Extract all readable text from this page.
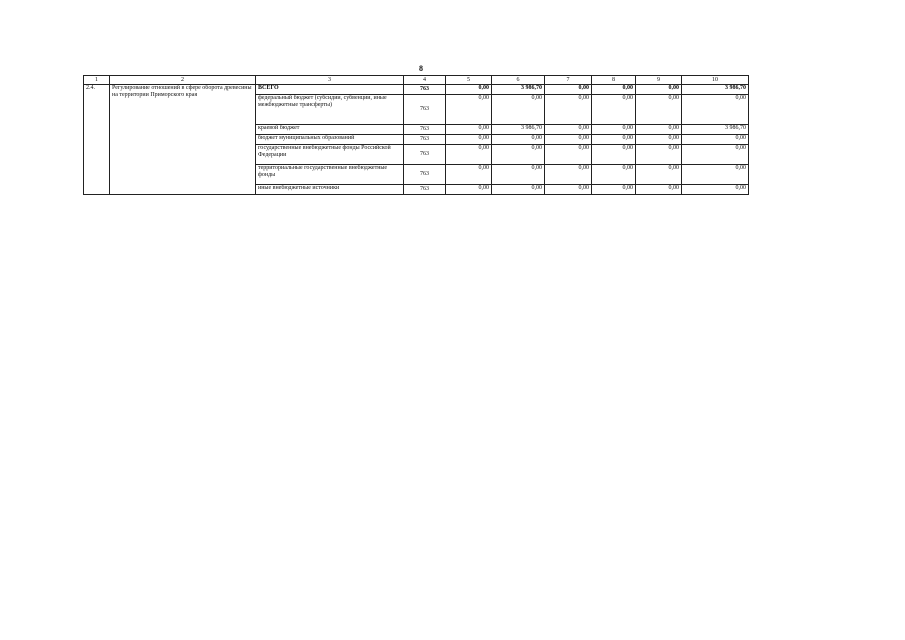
8
1	2	3	4	5	6	7	8	9	10
2.4.	Регулирование отношений в сфере оборота древесины на территории Приморского края	ВСЕГО	763	0,00	3 986,70	0,00	0,00	0,00	3 986,70
		федеральный бюджет (субсидии, субвенции, иные межбюджетные трансферты)	763	0,00	0,00	0,00	0,00	0,00	0,00
		краевой бюджет	763	0,00	3 986,70	0,00	0,00	0,00	3 986,70
		бюджет муниципальных образований	763	0,00	0,00	0,00	0,00	0,00	0,00
		государственные внебюджетные фонды Российской Федерации	763	0,00	0,00	0,00	0,00	0,00	0,00
		территориальные государственные внебюджетные фонды	763	0,00	0,00	0,00	0,00	0,00	0,00
		иные внебюджетные источники	763	0,00	0,00	0,00	0,00	0,00	0,00
